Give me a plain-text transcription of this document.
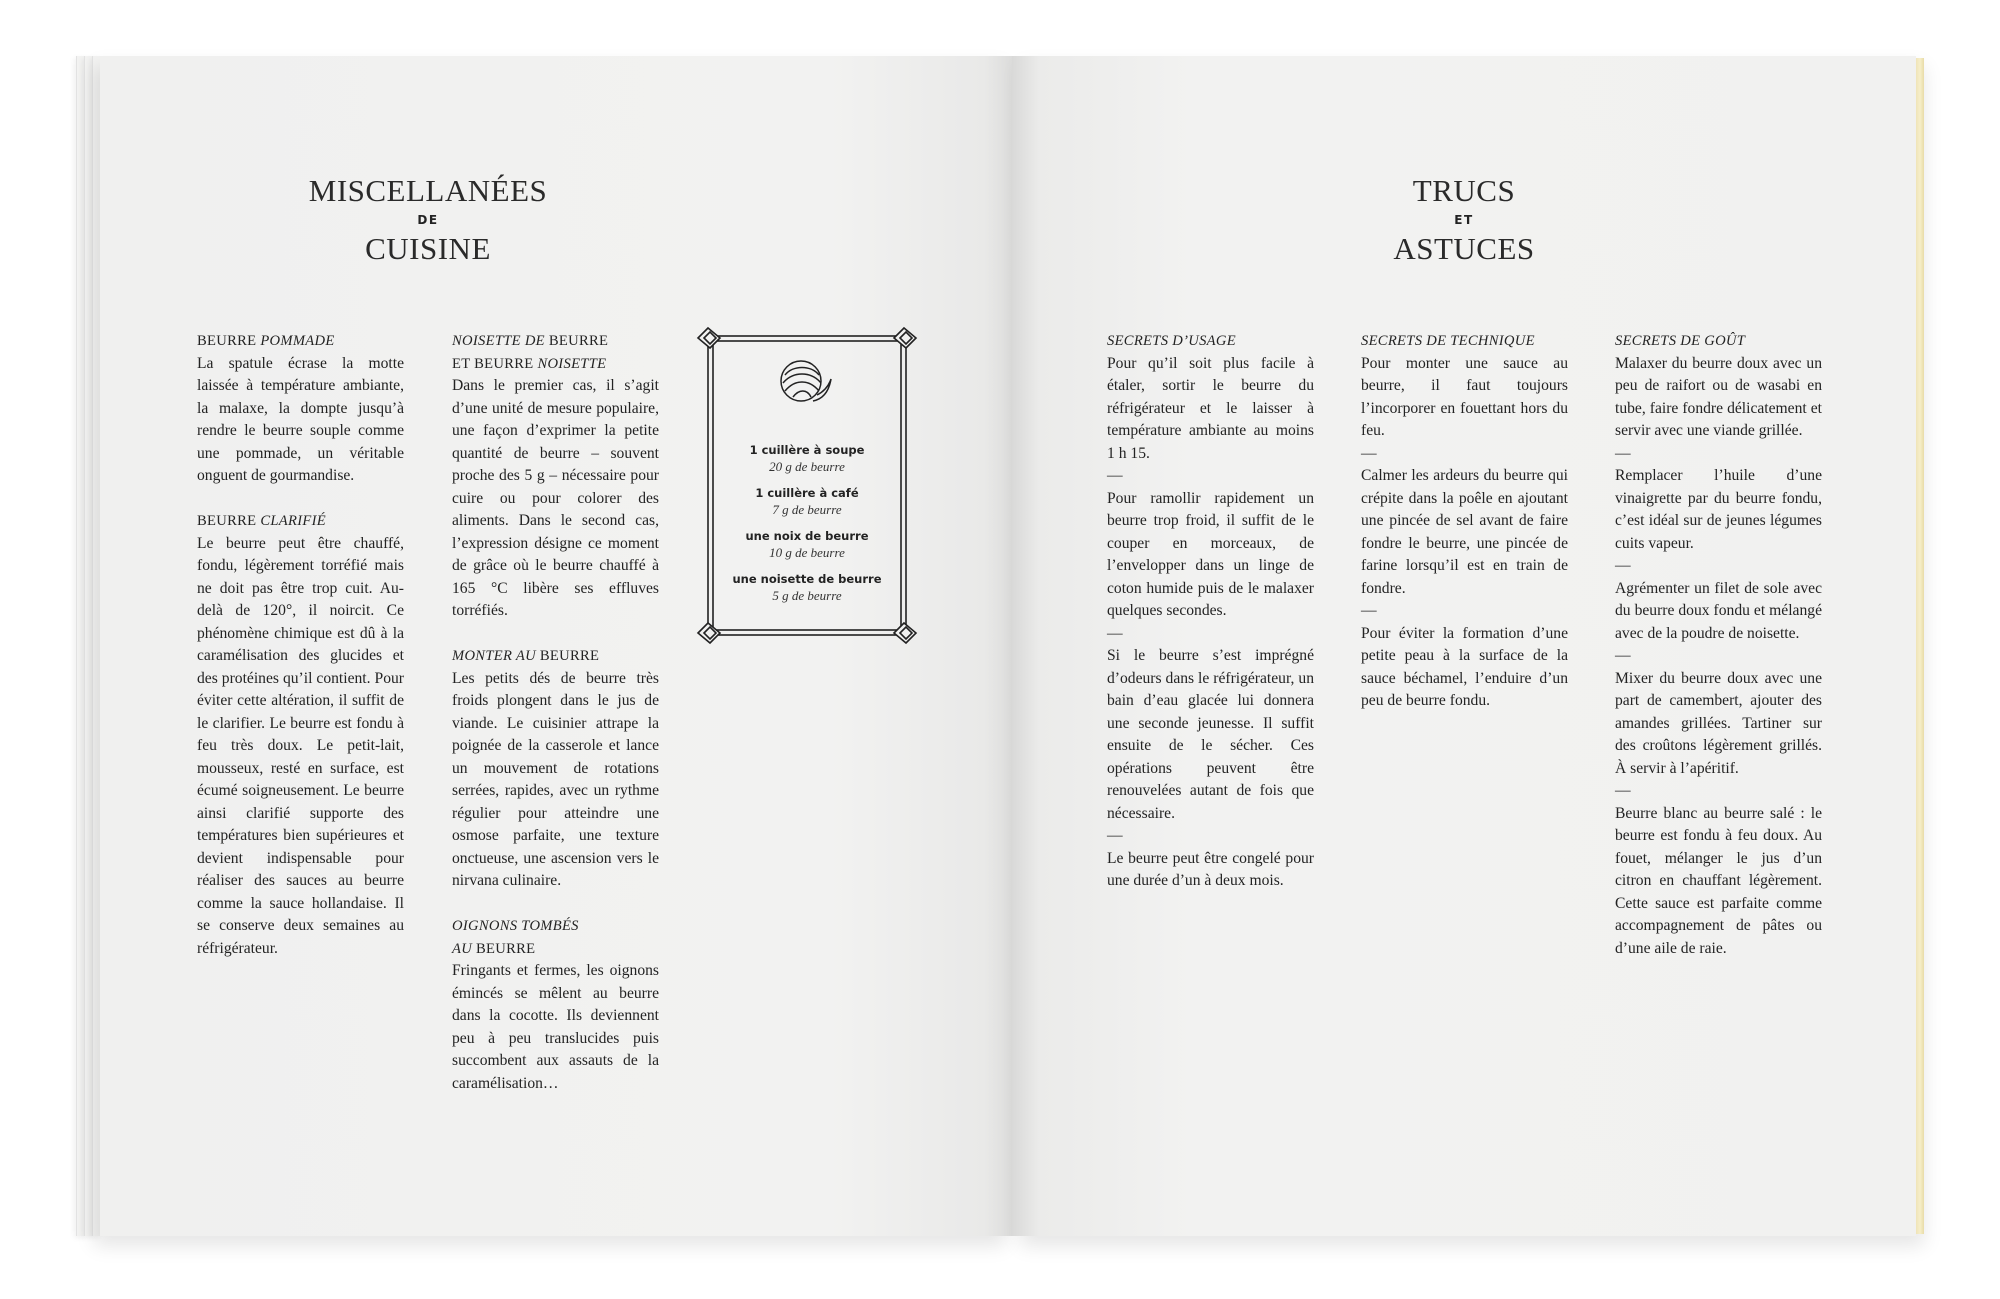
MISCELLANÉES
DE
CUISINE
TRUCS
ET
ASTUCES
BEURRE POMMADE

La spatule écrase la motte laissée à température ambiante, la malaxe, la dompte jusqu’à rendre le beurre souple comme une pommade, un véritable onguent de gourmandise.

BEURRE CLARIFIÉ

Le beurre peut être chauffé, fondu, légèrement torréfié mais ne doit pas être trop cuit. Au-delà de 120°, il noircit. Ce phénomène chimique est dû à la caramélisation des glucides et des protéines qu’il contient. Pour éviter cette altération, il suffit de le clarifier. Le beurre est fondu à feu très doux. Le petit-lait, mousseux, resté en surface, est écumé soigneusement. Le beurre ainsi clarifié supporte des températures bien supérieures et devient indispensable pour réaliser des sauces au beurre comme la sauce hollandaise. Il se conserve deux semaines au réfrigérateur.

NOISETTE DE BEURRE
ET BEURRE NOISETTE

Dans le premier cas, il s’agit d’une unité de mesure populaire, une façon d’exprimer la petite quantité de beurre – souvent proche des 5 g – nécessaire pour cuire ou pour colorer des aliments. Dans le second cas, l’expression désigne ce moment de grâce où le beurre chauffé à 165 °C libère ses effluves torréfiés.

MONTER AU BEURRE

Les petits dés de beurre très froids plongent dans le jus de viande. Le cuisinier attrape la poignée de la casserole et lance un mouvement de rotations serrées, rapides, avec un rythme régulier pour atteindre une osmose parfaite, une texture onctueuse, une ascension vers le nirvana culinaire.

OIGNONS TOMBÉS
AU BEURRE

Fringants et fermes, les oignons émincés se mêlent au beurre dans la cocotte. Ils deviennent peu à peu translucides puis succombent aux assauts de la caramélisation…

1 cuillère à soupe
20 g de beurre
1 cuillère à café
7 g de beurre
une noix de beurre
10 g de beurre
une noisette de beurre
5 g de beurre
SECRETS D’USAGE

Pour qu’il soit plus facile à étaler, sortir le beurre du réfrigérateur et le laisser à température ambiante au moins 1 h 15.

—

Pour ramollir rapidement un beurre trop froid, il suffit de le couper en morceaux, de l’envelopper dans un linge de coton humide puis de le malaxer quelques secondes.

—

Si le beurre s’est imprégné d’odeurs dans le réfrigérateur, un bain d’eau glacée lui donnera une seconde jeunesse. Il suffit ensuite de le sécher. Ces opérations peuvent être renouvelées autant de fois que nécessaire.

—

Le beurre peut être congelé pour une durée d’un à deux mois.

SECRETS DE TECHNIQUE

Pour monter une sauce au beurre, il faut toujours l’incorporer en fouettant hors du feu.

—

Calmer les ardeurs du beurre qui crépite dans la poêle en ajoutant une pincée de sel avant de faire fondre le beurre, une pincée de farine lorsqu’il est en train de fondre.

—

Pour éviter la formation d’une petite peau à la surface de la sauce béchamel, l’enduire d’un peu de beurre fondu.

SECRETS DE GOÛT

Malaxer du beurre doux avec un peu de raifort ou de wasabi en tube, faire fondre délicatement et servir avec une viande grillée.

—

Remplacer l’huile d’une vinaigrette par du beurre fondu, c’est idéal sur de jeunes légumes cuits vapeur.

—

Agrémenter un filet de sole avec du beurre doux fondu et mélangé avec de la poudre de noisette.

—

Mixer du beurre doux avec une part de camembert, ajouter des amandes grillées. Tartiner sur des croûtons légèrement grillés. À servir à l’apéritif.

—

Beurre blanc au beurre salé : le beurre est fondu à feu doux. Au fouet, mélanger le jus d’un citron en chauffant légèrement. Cette sauce est parfaite comme accompagnement de pâtes ou d’une aile de raie.
